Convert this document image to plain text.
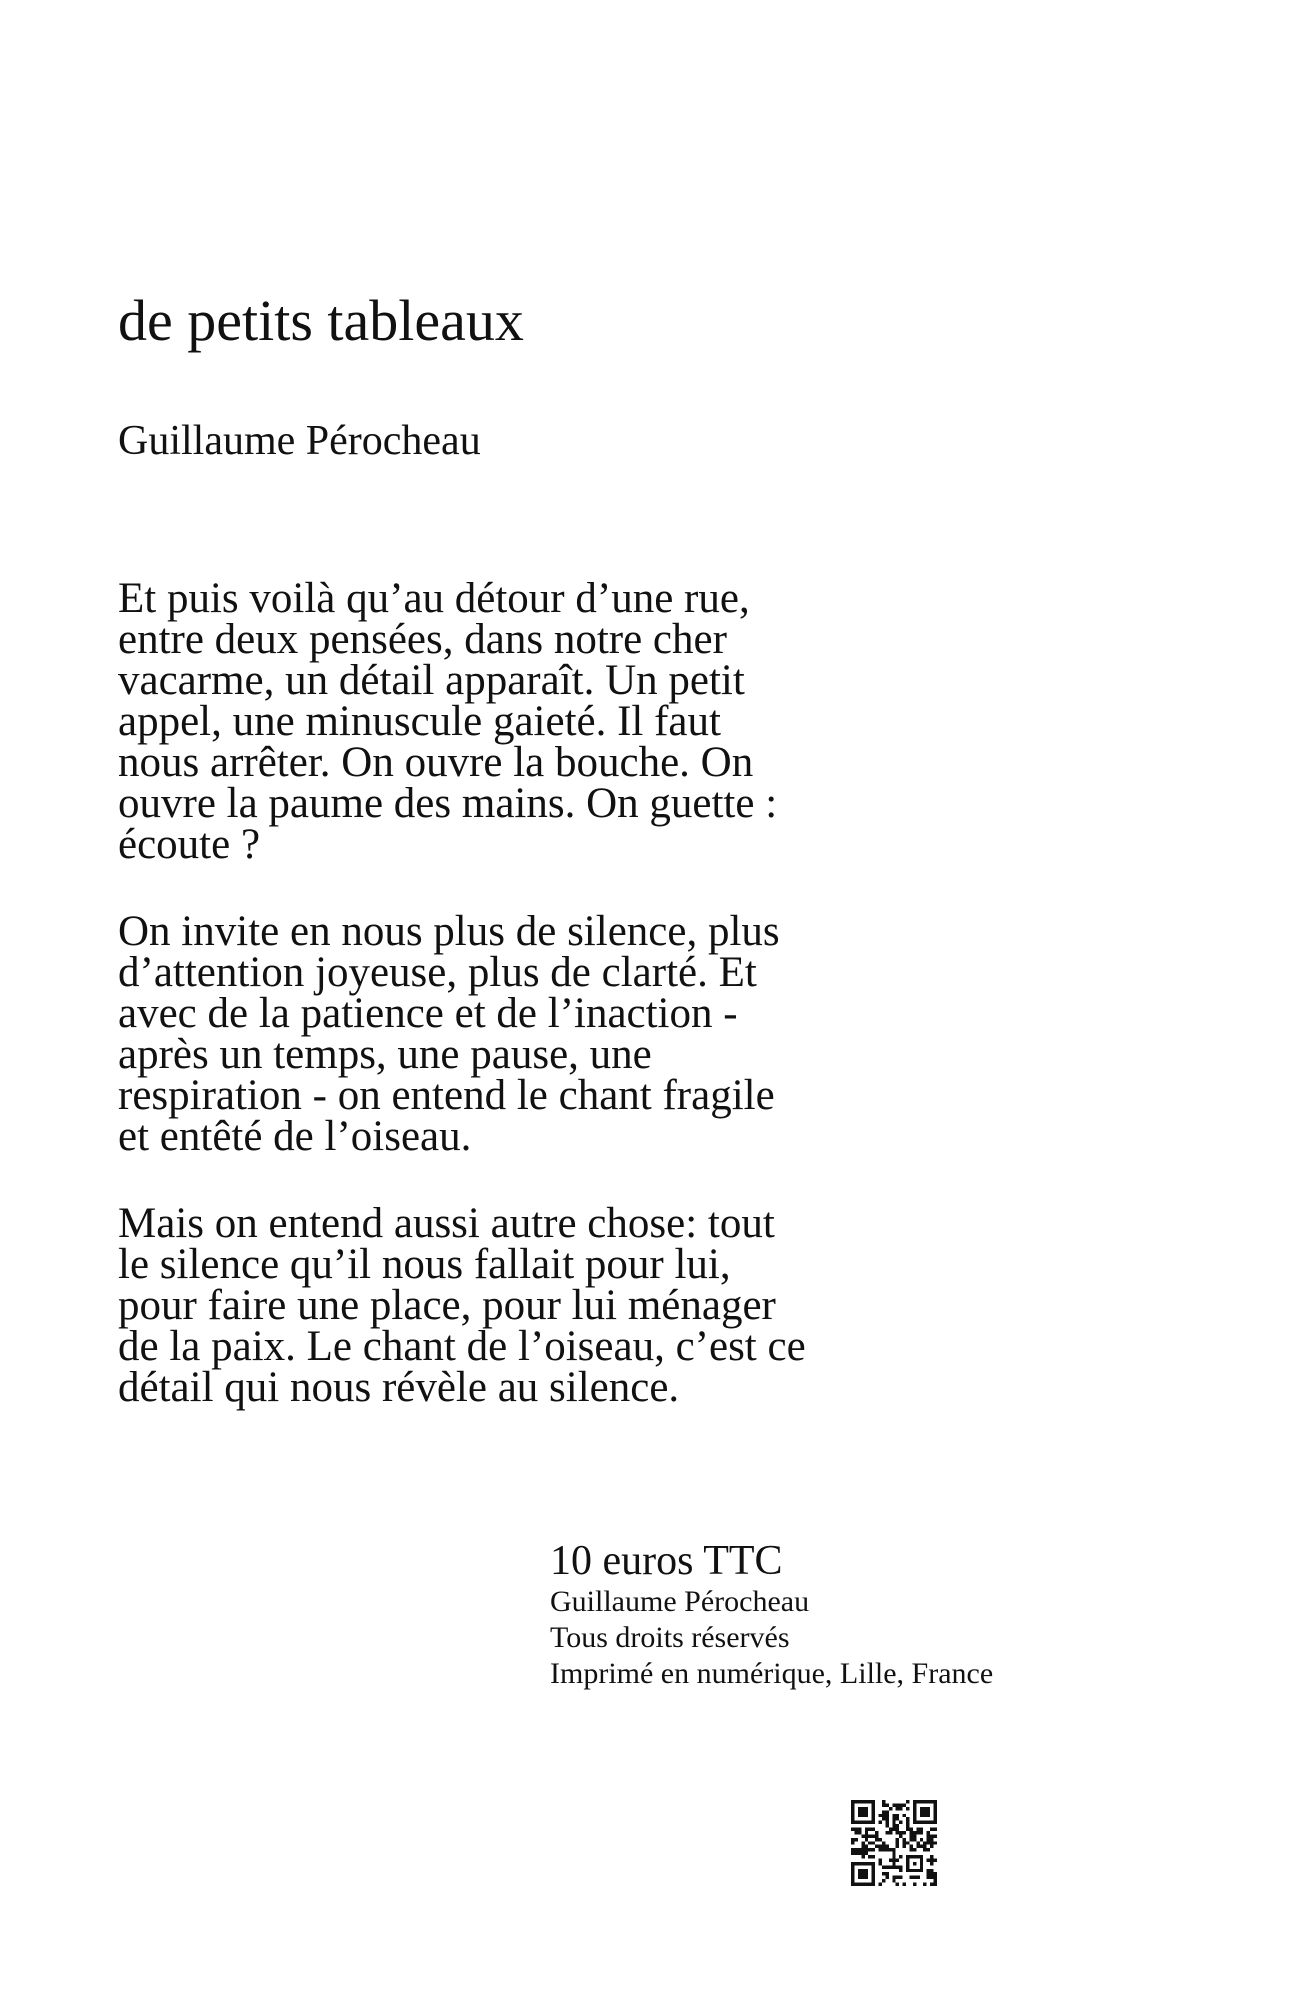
de petits tableaux
Guillaume Pérocheau

Et puis voilà qu’au détour d’une rue,
entre deux pensées, dans notre cher
vacarme, un détail apparaît. Un petit
appel, une minuscule gaieté. Il faut
nous arrêter. On ouvre la bouche. On
ouvre la paume des mains. On guette :
écoute ?

On invite en nous plus de silence, plus
d’attention joyeuse, plus de clarté. Et
avec de la patience et de l’inaction -
après un temps, une pause, une
respiration - on entend le chant fragile
et entêté de l’oiseau.

Mais on entend aussi autre chose: tout
le silence qu’il nous fallait pour lui,
pour faire une place, pour lui ménager
de la paix. Le chant de l’oiseau, c’est ce
détail qui nous révèle au silence.

10 euros TTC
Guillaume Pérocheau
Tous droits réservés
Imprimé en numérique, Lille, France
